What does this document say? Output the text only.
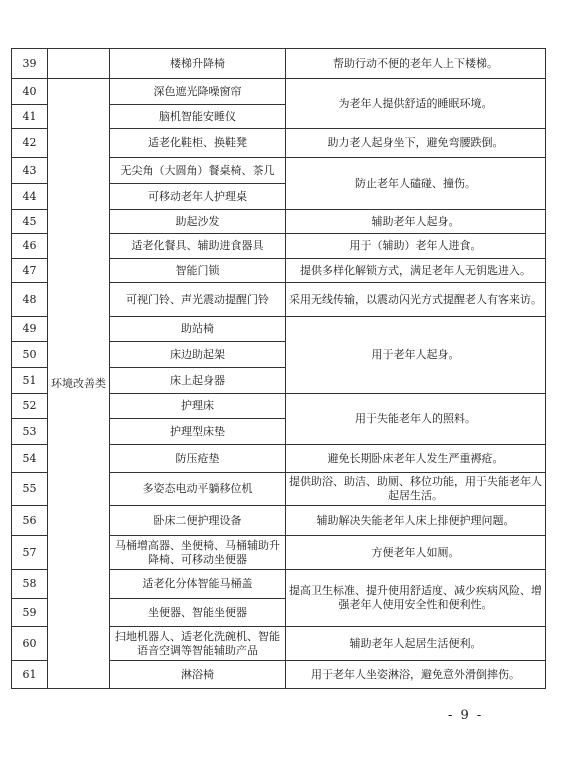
39		楼梯升降椅	帮助行动不便的老年人上下楼梯。
40	环境改善类	深色遮光降噪窗帘	为老年人提供舒适的睡眠环境。
41		脑机智能安睡仪	
42		适老化鞋柜、换鞋凳	助力老人起身坐下，避免弯腰跌倒。
43		无尖角（大圆角）餐桌椅、茶几	防止老年人磕碰、撞伤。
44		可移动老年人护理桌	
45		助起沙发	辅助老年人起身。
46		适老化餐具、辅助进食器具	用于（辅助）老年人进食。
47		智能门锁	提供多样化解锁方式，满足老年人无钥匙进入。
48		可视门铃、声光震动提醒门铃	采用无线传输，以震动闪光方式提醒老人有客来访。
49		助站椅	用于老年人起身。
50		床边助起架	
51		床上起身器	
52		护理床	用于失能老年人的照料。
53		护理型床垫	
54		防压疮垫	避免长期卧床老年人发生严重褥疮。
55		多姿态电动平躺移位机	提供助浴、助洁、助厕、移位功能，用于失能老年人起居生活。
56		卧床二便护理设备	辅助解决失能老年人床上排便护理问题。
57		马桶增高器、坐便椅、马桶辅助升降椅、可移动坐便器	方便老年人如厕。
58		适老化分体智能马桶盖	提高卫生标准、提升使用舒适度、减少疾病风险、增强老年人使用安全性和便利性。
59		坐便器、智能坐便器	
60		扫地机器人、适老化洗碗机、智能语音空调等智能辅助产品	辅助老年人起居生活便利。
61		淋浴椅	用于老年人坐姿淋浴，避免意外滑倒摔伤。
- 9 -
